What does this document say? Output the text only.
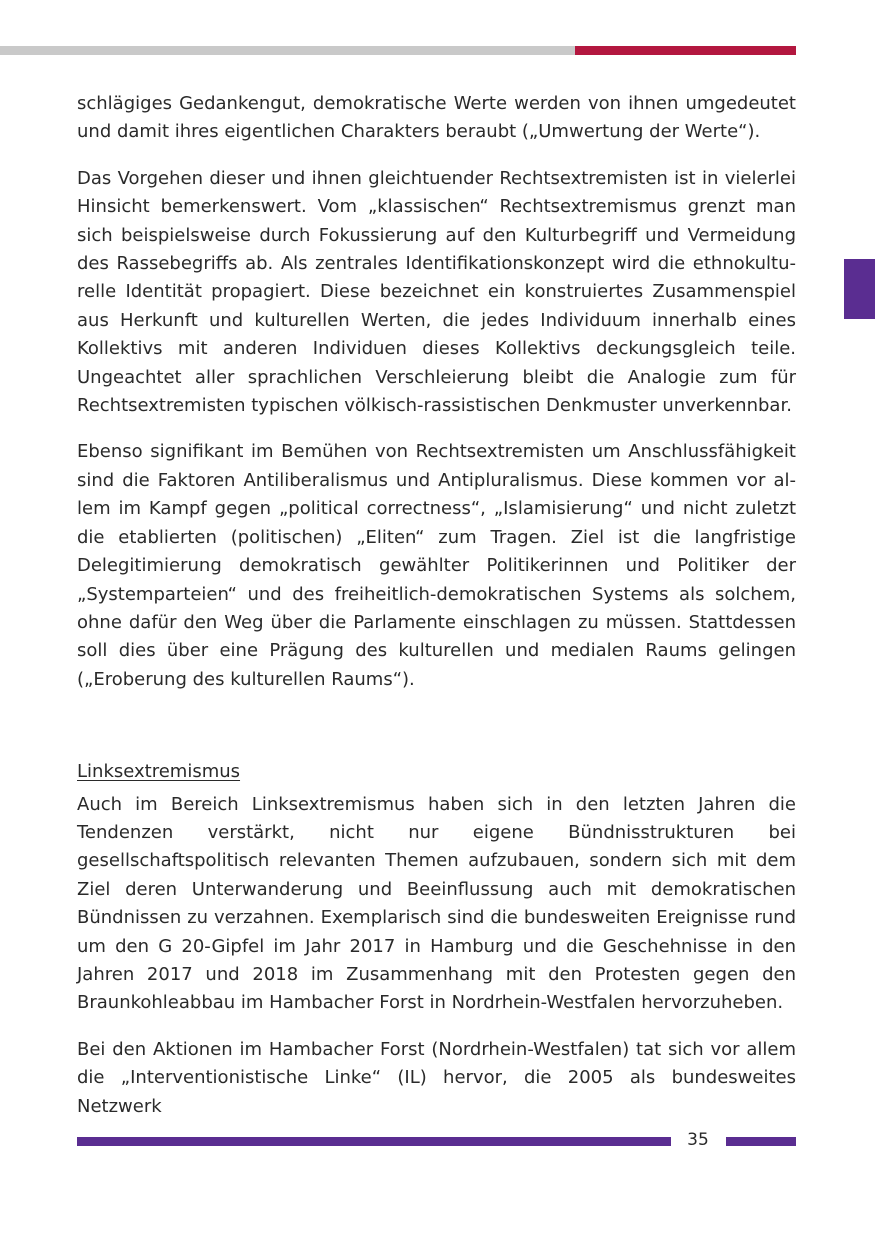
schlägiges Gedankengut, demokratische Werte werden von ihnen umgedeutet und damit ihres eigentlichen Charakters beraubt („Umwertung der Werte“).

Das Vorgehen dieser und ihnen gleichtuender Rechtsextremisten ist in vielerlei Hinsicht bemerkenswert. Vom „klassischen“ Rechtsextremismus grenzt man sich beispielsweise durch Fokussierung auf den Kulturbegriff und Vermeidung des Rassebegriffs ab. Als zentrales Identifikationskonzept wird die ethnokulturelle Identität propagiert. Diese bezeichnet ein konstruiertes Zusammenspiel aus Herkunft und kulturellen Werten, die jedes Individuum innerhalb eines Kollektivs mit anderen Individuen dieses Kollektivs deckungsgleich teile. Ungeachtet aller sprachlichen Verschleierung bleibt die Analogie zum für Rechtsextremisten typischen völkisch-rassistischen Denkmuster unverkennbar.

Ebenso signifikant im Bemühen von Rechtsextremisten um Anschlussfähigkeit sind die Faktoren Antiliberalismus und Antipluralismus. Diese kommen vor allem im Kampf gegen „political correctness“, „Islamisierung“ und nicht zuletzt die etablierten (politischen) „Eliten“ zum Tragen. Ziel ist die langfristige Delegitimierung demokratisch gewählter Politikerinnen und Politiker der „Systemparteien“ und des freiheitlich-demokratischen Systems als solchem, ohne dafür den Weg über die Parlamente einschlagen zu müssen. Stattdessen soll dies über eine Prägung des kulturellen und medialen Raums gelingen („Eroberung des kulturellen Raums“).

Linksextremismus

Auch im Bereich Linksextremismus haben sich in den letzten Jahren die Tendenzen verstärkt, nicht nur eigene Bündnisstrukturen bei gesellschaftspolitisch relevanten Themen aufzubauen, sondern sich mit dem Ziel deren Unterwanderung und Beeinflussung auch mit demokratischen Bündnissen zu verzahnen. Exemplarisch sind die bundesweiten Ereignisse rund um den G 20-Gipfel im Jahr 2017 in Hamburg und die Geschehnisse in den Jahren 2017 und 2018 im Zusammenhang mit den Protesten gegen den Braunkohleabbau im Hambacher Forst in Nordrhein-Westfalen hervorzuheben.

Bei den Aktionen im Hambacher Forst (Nordrhein-Westfalen) tat sich vor allem die „Interventionistische Linke“ (IL) hervor, die 2005 als bundesweites Netzwerk

35
